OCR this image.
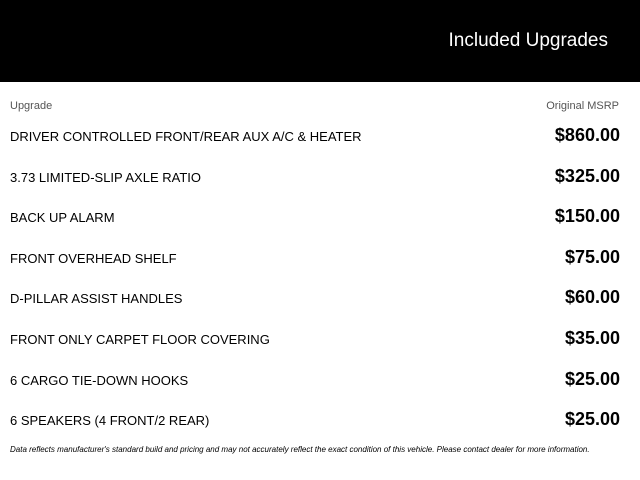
Included Upgrades
Upgrade	Original MSRP
DRIVER CONTROLLED FRONT/REAR AUX A/C & HEATER	$860.00
3.73 LIMITED-SLIP AXLE RATIO	$325.00
BACK UP ALARM	$150.00
FRONT OVERHEAD SHELF	$75.00
D-PILLAR ASSIST HANDLES	$60.00
FRONT ONLY CARPET FLOOR COVERING	$35.00
6 CARGO TIE-DOWN HOOKS	$25.00
6 SPEAKERS (4 FRONT/2 REAR)	$25.00
Data reflects manufacturer's standard build and pricing and may not accurately reflect the exact condition of this vehicle. Please contact dealer for more information.
